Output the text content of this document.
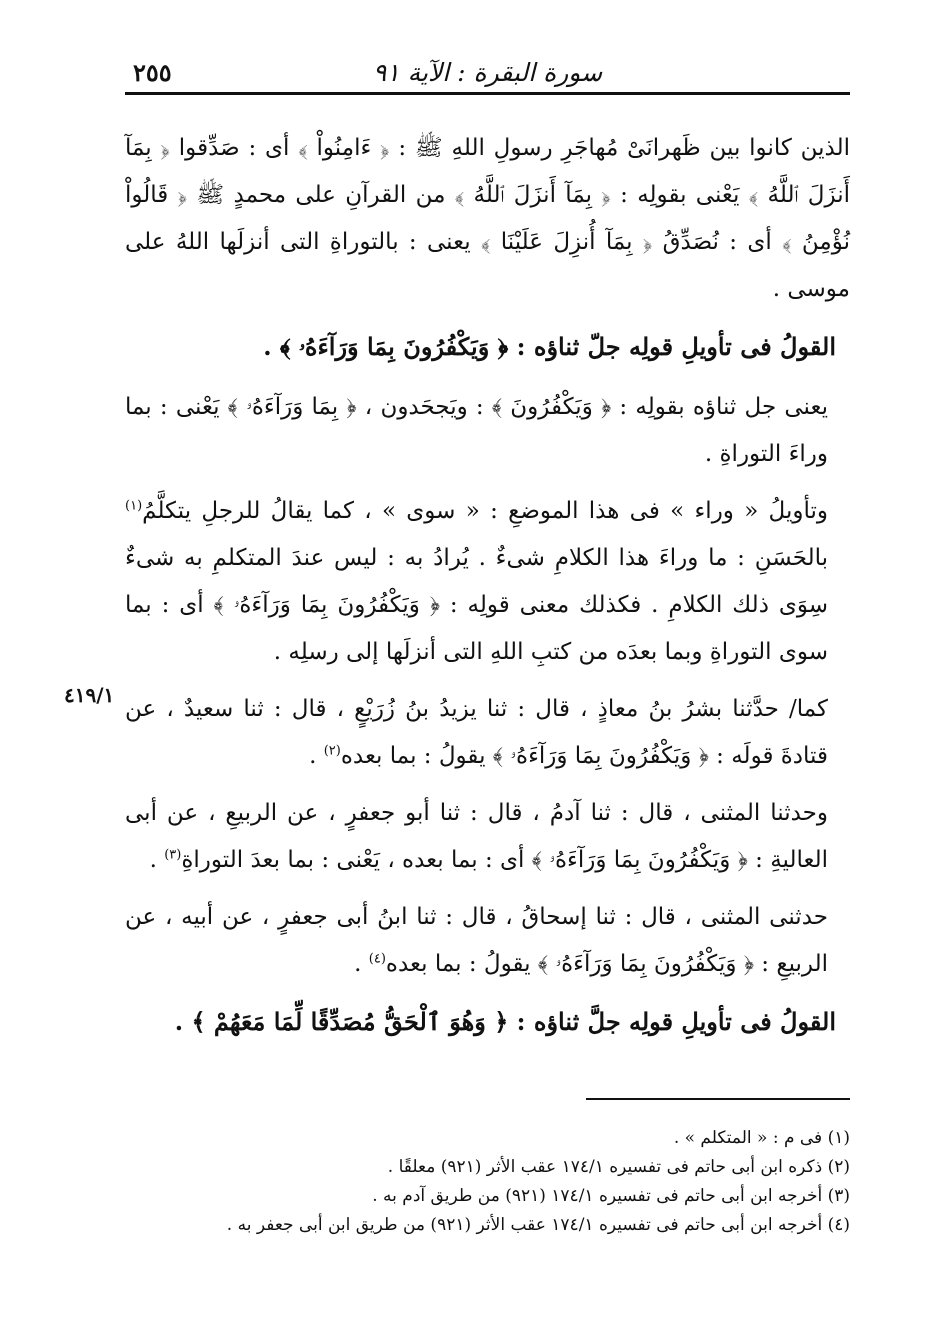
٢٥٥	سورة البقرة : الآية ٩١
٤١٩/١

الذين كانوا بين ظَهرانَىْ مُهاجَرِ رسولِ اللهِ ﷺ : ﴿ ءَامِنُواْ ﴾ أى : صَدِّقوا ﴿ بِمَآ أَنزَلَ ٱللَّهُ ﴾ يَعْنى بقولِه : ﴿ بِمَآ أَنزَلَ ٱللَّهُ ﴾ من القرآنِ على محمدٍ ﷺ ﴿ قَالُواْ نُؤْمِنُ ﴾ أى : نُصَدِّقُ ﴿ بِمَآ أُنزِلَ عَلَيْنَا ﴾ يعنى : بالتوراةِ التى أنزلَها اللهُ على موسى .

القولُ فى تأويلِ قولِه جلّ ثناؤه : ﴿ وَيَكْفُرُونَ بِمَا وَرَآءَهُۥ ﴾ .

يعنى جل ثناؤه بقولِه : ﴿ وَيَكْفُرُونَ ﴾ : ويَجحَدون ، ﴿ بِمَا وَرَآءَهُۥ ﴾ يَعْنى : بما وراءَ التوراةِ .

وتأويلُ « وراء » فى هذا الموضعِ : « سوى » ، كما يقالُ للرجلِ يتكلَّمُ$^{(١)}$ بالحَسَنِ : ما وراءَ هذا الكلامِ شىءٌ . يُرادُ به : ليس عندَ المتكلمِ به شىءٌ سِوَى ذلك الكلامِ . فكذلك معنى قولِه : ﴿ وَيَكْفُرُونَ بِمَا وَرَآءَهُۥ ﴾ أى : بما سوى التوراةِ وبما بعدَه من كتبِ اللهِ التى أنزلَها إلى رسلِه .

كما/ حدَّثنا بشرُ بنُ معاذٍ ، قال : ثنا يزيدُ بنُ زُرَيْعٍ ، قال : ثنا سعيدٌ ، عن قتادةَ قولَه : ﴿ وَيَكْفُرُونَ بِمَا وَرَآءَهُۥ ﴾ يقولُ : بما بعده$^{(٢)}$ .

وحدثنا المثنى ، قال : ثنا آدمُ ، قال : ثنا أبو جعفرٍ ، عن الربيعِ ، عن أبى العاليةِ : ﴿ وَيَكْفُرُونَ بِمَا وَرَآءَهُۥ ﴾ أى : بما بعده ، يَعْنى : بما بعدَ التوراةِ$^{(٣)}$ .

حدثنى المثنى ، قال : ثنا إسحاقُ ، قال : ثنا ابنُ أبى جعفرٍ ، عن أبيه ، عن الربيعِ : ﴿ وَيَكْفُرُونَ بِمَا وَرَآءَهُۥ ﴾ يقولُ : بما بعده$^{(٤)}$ .

القولُ فى تأويلِ قولِه جلَّ ثناؤه : ﴿ وَهُوَ ٱلْحَقُّ مُصَدِّقًا لِّمَا مَعَهُمْ ﴾ .

(١) فى م : « المتكلم » .
(٢) ذكره ابن أبى حاتم فى تفسيره ١٧٤/١ عقب الأثر (٩٢١) معلقًا .
(٣) أخرجه ابن أبى حاتم فى تفسيره ١٧٤/١ (٩٢١) من طريق آدم به .
(٤) أخرجه ابن أبى حاتم فى تفسيره ١٧٤/١ عقب الأثر (٩٢١) من طريق ابن أبى جعفر به .
